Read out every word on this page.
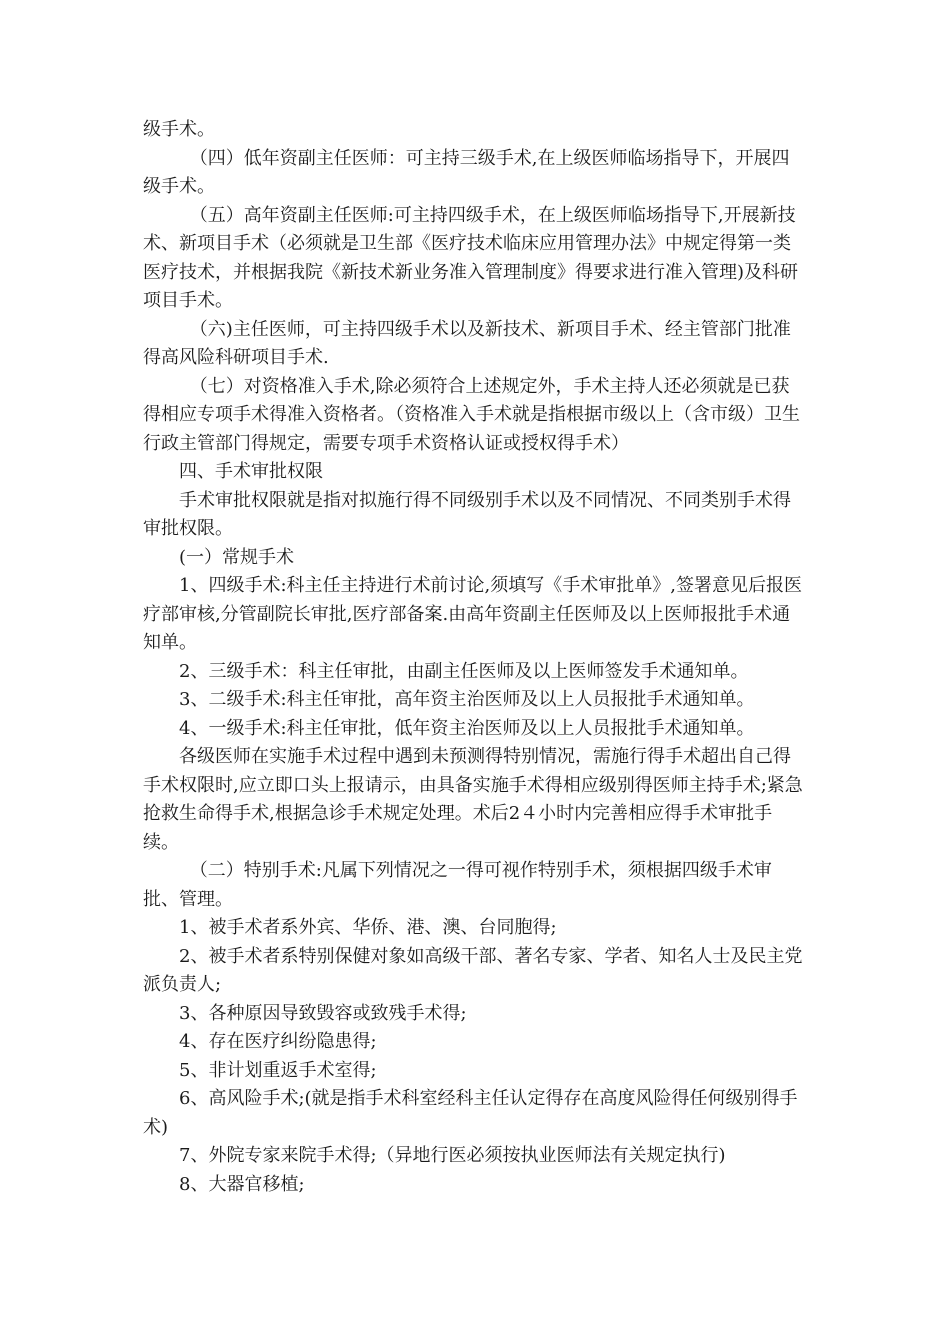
级手术。

（四）低年资副主任医师：可主持三级手术,在上级医师临场指导下，开展四级手术。

（五）高年资副主任医师:可主持四级手术，在上级医师临场指导下,开展新技术、新项目手术（必须就是卫生部《医疗技术临床应用管理办法》中规定得第一类医疗技术，并根据我院《新技术新业务准入管理制度》得要求进行准入管理)及科研项目手术。

（六)主任医师，可主持四级手术以及新技术、新项目手术、经主管部门批准得高风险科研项目手术.

（七）对资格准入手术,除必须符合上述规定外，手术主持人还必须就是已获得相应专项手术得准入资格者。（资格准入手术就是指根据市级以上（含市级）卫生行政主管部门得规定，需要专项手术资格认证或授权得手术）

四、手术审批权限

手术审批权限就是指对拟施行得不同级别手术以及不同情况、不同类别手术得审批权限。

(一）常规手术

1、四级手术:科主任主持进行术前讨论,须填写《手术审批单》,签署意见后报医疗部审核,分管副院长审批,医疗部备案.由高年资副主任医师及以上医师报批手术通知单。

2、三级手术：科主任审批，由副主任医师及以上医师签发手术通知单。

3、二级手术:科主任审批，高年资主治医师及以上人员报批手术通知单。

4、一级手术:科主任审批，低年资主治医师及以上人员报批手术通知单。

各级医师在实施手术过程中遇到未预测得特别情况，需施行得手术超出自己得手术权限时,应立即口头上报请示，由具备实施手术得相应级别得医师主持手术;紧急抢救生命得手术,根据急诊手术规定处理。术后2４小时内完善相应得手术审批手续。

（二）特别手术:凡属下列情况之一得可视作特别手术，须根据四级手术审批、管理。

1、被手术者系外宾、华侨、港、澳、台同胞得;

2、被手术者系特别保健对象如高级干部、著名专家、学者、知名人士及民主党派负责人;

3、各种原因导致毁容或致残手术得;

4、存在医疗纠纷隐患得;

5、非计划重返手术室得;

6、高风险手术;(就是指手术科室经科主任认定得存在高度风险得任何级别得手术)

7、外院专家来院手术得;（异地行医必须按执业医师法有关规定执行)

8、大器官移植;
